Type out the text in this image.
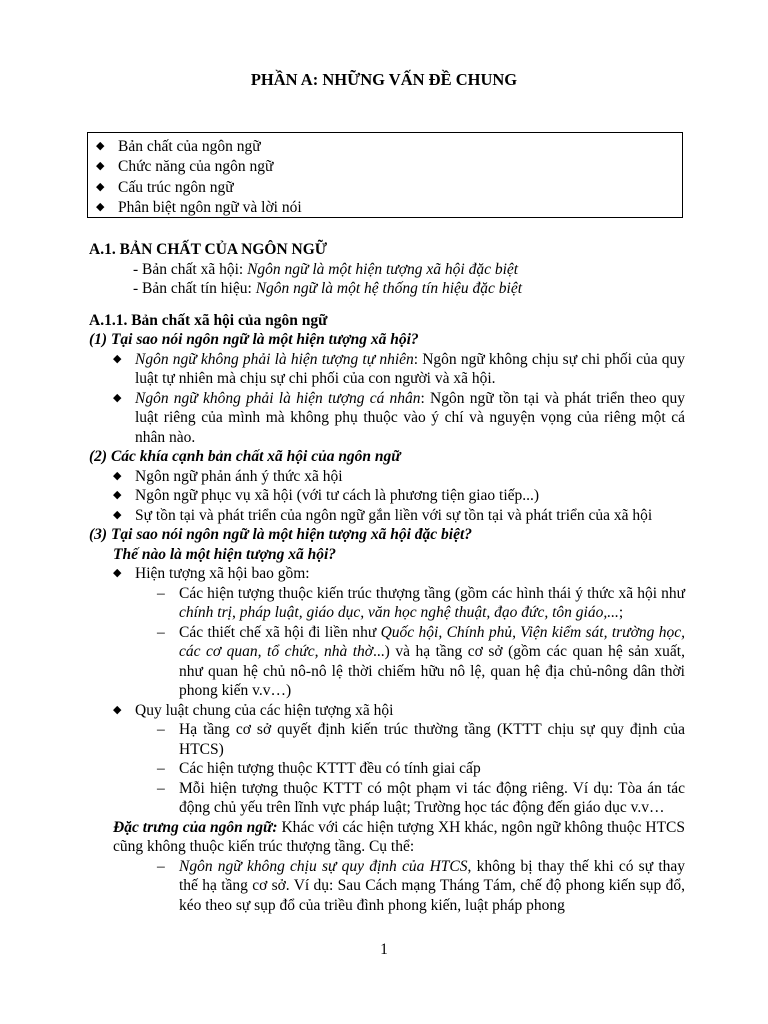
PHẦN A: NHỮNG VẤN ĐỀ CHUNG
◆ Bản chất của ngôn ngữ
◆ Chức năng của ngôn ngữ
◆ Cấu trúc ngôn ngữ
◆ Phân biệt ngôn ngữ và lời nói
A.1. BẢN CHẤT CỦA NGÔN NGỮ
- Bản chất xã hội: Ngôn ngữ là một hiện tượng xã hội đặc biệt
- Bản chất tín hiệu: Ngôn ngữ là một hệ thống tín hiệu đặc biệt
A.1.1. Bản chất xã hội của ngôn ngữ
(1) Tại sao nói ngôn ngữ là một hiện tượng xã hội?
◆ Ngôn ngữ không phải là hiện tượng tự nhiên: Ngôn ngữ không chịu sự chi phối của quy luật tự nhiên mà chịu sự chi phối của con người và xã hội.
◆ Ngôn ngữ không phải là hiện tượng cá nhân: Ngôn ngữ tồn tại và phát triển theo quy luật riêng của mình mà không phụ thuộc vào ý chí và nguyện vọng của riêng một cá nhân nào.
(2) Các khía cạnh bản chất xã hội của ngôn ngữ
◆ Ngôn ngữ phản ánh ý thức xã hội
◆ Ngôn ngữ phục vụ xã hội (với tư cách là phương tiện giao tiếp...)
◆ Sự tồn tại và phát triển của ngôn ngữ gắn liền với sự tồn tại và phát triển của xã hội
(3) Tại sao nói ngôn ngữ là một hiện tượng xã hội đặc biệt?
Thế nào là một hiện tượng xã hội?
◆ Hiện tượng xã hội bao gồm:
– Các hiện tượng thuộc kiến trúc thượng tầng (gồm các hình thái ý thức xã hội như chính trị, pháp luật, giáo dục, văn học nghệ thuật, đạo đức, tôn giáo,...;
– Các thiết chế xã hội đi liền như Quốc hội, Chính phủ, Viện kiểm sát, trường học, các cơ quan, tổ chức, nhà thờ...) và hạ tầng cơ sở (gồm các quan hệ sản xuất, như quan hệ chủ nô-nô lệ thời chiếm hữu nô lệ, quan hệ địa chủ-nông dân thời phong kiến v.v…)
◆ Quy luật chung của các hiện tượng xã hội
– Hạ tầng cơ sở quyết định kiến trúc thường tầng (KTTT chịu sự quy định của HTCS)
– Các hiện tượng thuộc KTTT đều có tính giai cấp
– Mỗi hiện tượng thuộc KTTT có một phạm vi tác động riêng. Ví dụ: Tòa án tác động chủ yếu trên lĩnh vực pháp luật; Trường học tác động đến giáo dục v.v…
Đặc trưng của ngôn ngữ: Khác với các hiện tượng XH khác, ngôn ngữ không thuộc HTCS cũng không thuộc kiến trúc thượng tầng. Cụ thể:
– Ngôn ngữ không chịu sự quy định của HTCS, không bị thay thế khi có sự thay thế hạ tầng cơ sở. Ví dụ: Sau Cách mạng Tháng Tám, chế độ phong kiến sụp đổ, kéo theo sự sụp đổ của triều đình phong kiến, luật pháp phong
1
